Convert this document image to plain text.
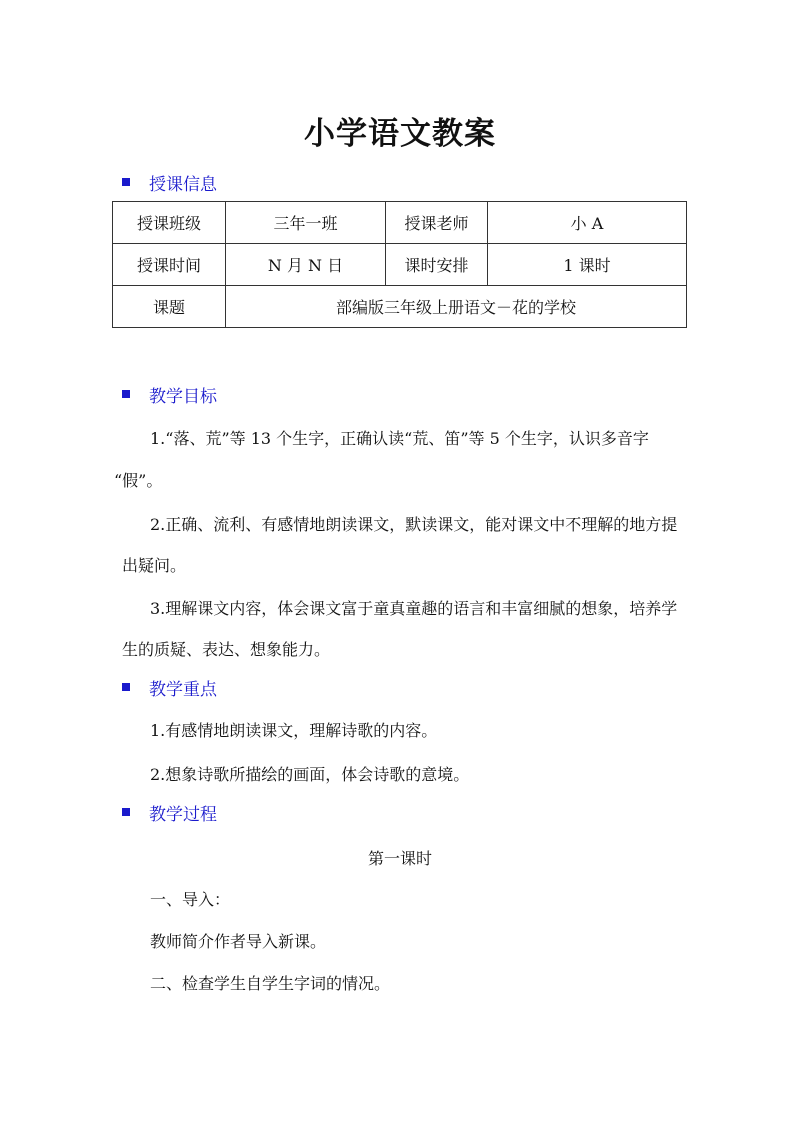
小学语文教案
授课信息
授课班级	三年一班	授课老师	小 A
授课时间	N 月 N 日	课时安排	1 课时
课题	部编版三年级上册语文－花的学校		
教学目标
1.“落、荒”等 13 个生字，正确认读“荒、笛”等 5 个生字，认识多音字
“假”。
2.正确、流利、有感情地朗读课文，默读课文，能对课文中不理解的地方提
出疑问。
3.理解课文内容，体会课文富于童真童趣的语言和丰富细腻的想象，培养学
生的质疑、表达、想象能力。
教学重点
1.有感情地朗读课文，理解诗歌的内容。
2.想象诗歌所描绘的画面，体会诗歌的意境。
教学过程
第一课时
一、导入：
教师简介作者导入新课。
二、检查学生自学生字词的情况。
